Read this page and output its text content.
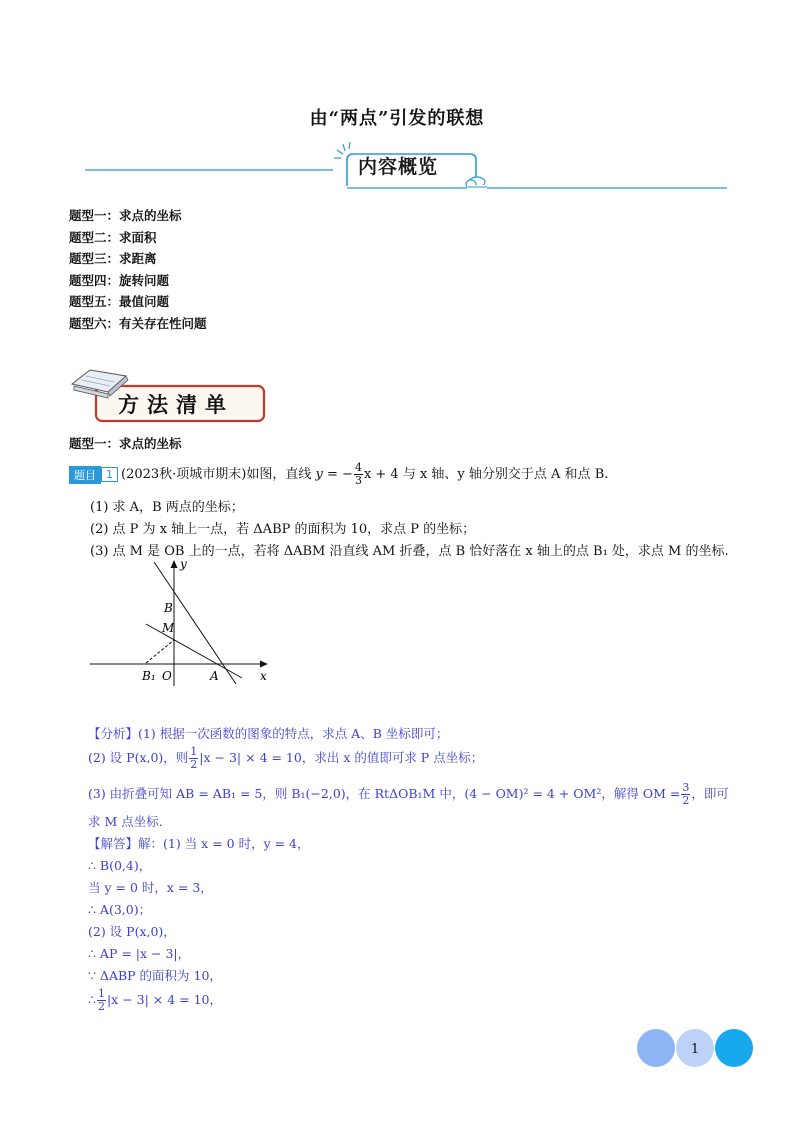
由“两点”引发的联想
内容概览
题型一：求点的坐标
题型二：求面积
题型三：求距离
题型四：旋转问题
题型五：最值问题
题型六：有关存在性问题
方法清单
题型一：求点的坐标
题目 1 (2023秋·项城市期末)如图，直线 y = − $\frac{4}{3}$ x + 4 与 x 轴、y 轴分别交于点 A 和点 B.
(1) 求 A，B 两点的坐标；
(2) 点 P 为 x 轴上一点，若 ΔABP 的面积为 10，求点 P 的坐标；
(3) 点 M 是 OB 上的一点，若将 ΔABM 沿直线 AM 折叠，点 B 恰好落在 x 轴上的点 B₁ 处，求点 M 的坐标.
y
x
B
M
O	A
B₁
【分析】(1) 根据一次函数的图象的特点，求点 A、B 坐标即可；
(2) 设 P(x,0)，则 $\frac{1}{2} |x - 3| \times 4 = 10$，求出 x 的值即可求 P 点坐标；
(3) 由折叠可知 AB = AB₁ = 5，则 B₁(−2,0)，在 RtΔOB₁M 中，(4 − OM)² = 4 + OM²，解得 OM = $\frac{3}{2}$ ，即可
求 M 点坐标.
【解答】解：(1) 当 x = 0 时，y = 4，
∴ B(0,4)，
当 y = 0 时，x = 3，
∴ A(3,0)；
(2) 设 P(x,0)，
∴ AP = |x − 3|，
∵ ΔABP 的面积为 10，
∴ $\frac{1}{2} |x - 3| \times 4 = 10$，
1
